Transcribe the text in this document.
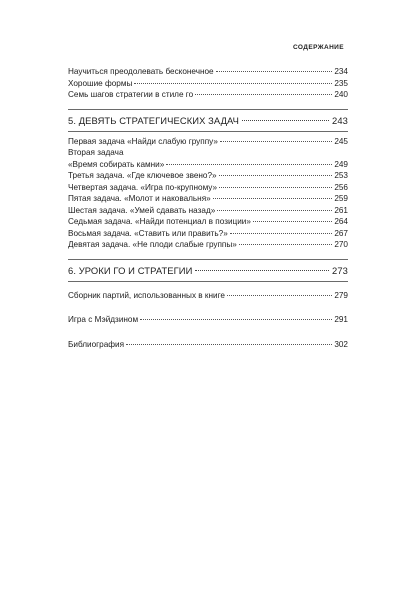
СОДЕРЖАНИЕ
Научиться преодолевать бесконечное	234
Хорошие формы	235
Семь шагов стратегии в стиле го	240
5. ДЕВЯТЬ СТРАТЕГИЧЕСКИХ ЗАДАЧ	243
Первая задача «Найди слабую группу»	245
Вторая задача
«Время собирать камни»	249
Третья задача. «Где ключевое звено?»	253
Четвертая задача. «Игра по-крупному»	256
Пятая задача. «Молот и наковальня»	259
Шестая задача. «Умей сдавать назад»	261
Седьмая задача. «Найди потенциал в позиции»	264
Восьмая задача. «Ставить или править?»	267
Девятая задача. «Не плоди слабые группы»	270
6. УРОКИ ГО И СТРАТЕГИИ	273
Сборник партий, использованных в книге	279
Игра с Мэйдзином	291
Библиография	302
